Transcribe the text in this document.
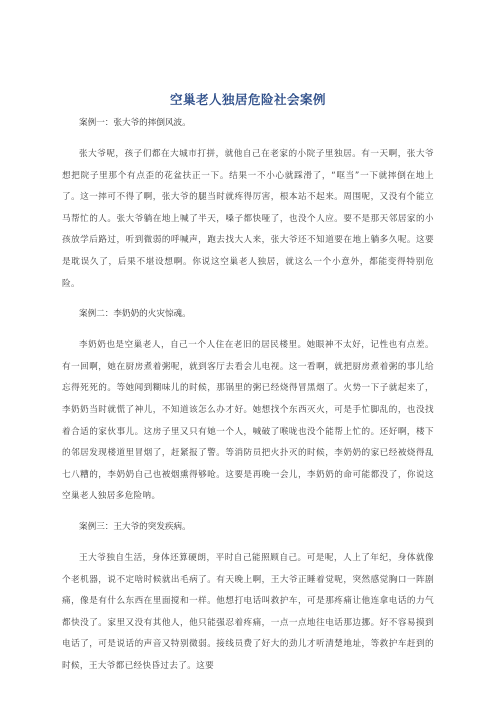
空巢老人独居危险社会案例
案例一：张大爷的摔倒风波。
张大爷呢，孩子们都在大城市打拼，就他自己在老家的小院子里独居。有一天啊，张大爷想把院子里那个有点歪的花盆扶正一下。结果一不小心就踩滑了，“哐当”一下就摔倒在地上了。这一摔可不得了啊，张大爷的腿当时就疼得厉害，根本站不起来。周围呢，又没有个能立马帮忙的人。张大爷躺在地上喊了半天，嗓子都快哑了，也没个人应。要不是那天邻居家的小孩放学后路过，听到微弱的呼喊声，跑去找大人来，张大爷还不知道要在地上躺多久呢。这要是耽误久了，后果不堪设想啊。你说这空巢老人独居，就这么一个小意外，都能变得特别危险。
案例二：李奶奶的火灾惊魂。
李奶奶也是空巢老人，自己一个人住在老旧的居民楼里。她眼神不太好，记性也有点差。有一回啊，她在厨房煮着粥呢，就到客厅去看会儿电视。这一看啊，就把厨房煮着粥的事儿给忘得死死的。等她闻到糊味儿的时候，那锅里的粥已经烧得冒黑烟了。火势一下子就起来了，李奶奶当时就慌了神儿，不知道该怎么办才好。她想找个东西灭火，可是手忙脚乱的，也没找着合适的家伙事儿。这房子里又只有她一个人，喊破了喉咙也没个能帮上忙的。还好啊，楼下的邻居发现楼道里冒烟了，赶紧报了警。等消防员把火扑灭的时候，李奶奶的家已经被烧得乱七八糟的，李奶奶自己也被烟熏得够呛。这要是再晚一会儿，李奶奶的命可能都没了，你说这空巢老人独居多危险呐。
案例三：王大爷的突发疾病。
王大爷独自生活，身体还算硬朗，平时自己能照顾自己。可是呢，人上了年纪，身体就像个老机器，说不定啥时候就出毛病了。有天晚上啊，王大爷正睡着觉呢，突然感觉胸口一阵剧痛，像是有什么东西在里面搅和一样。他想打电话叫救护车，可是那疼痛让他连拿电话的力气都快没了。家里又没有其他人，他只能强忍着疼痛，一点一点地往电话那边挪。好不容易摸到电话了，可是说话的声音又特别微弱。接线员费了好大的劲儿才听清楚地址，等救护车赶到的时候，王大爷都已经快昏过去了。这要
